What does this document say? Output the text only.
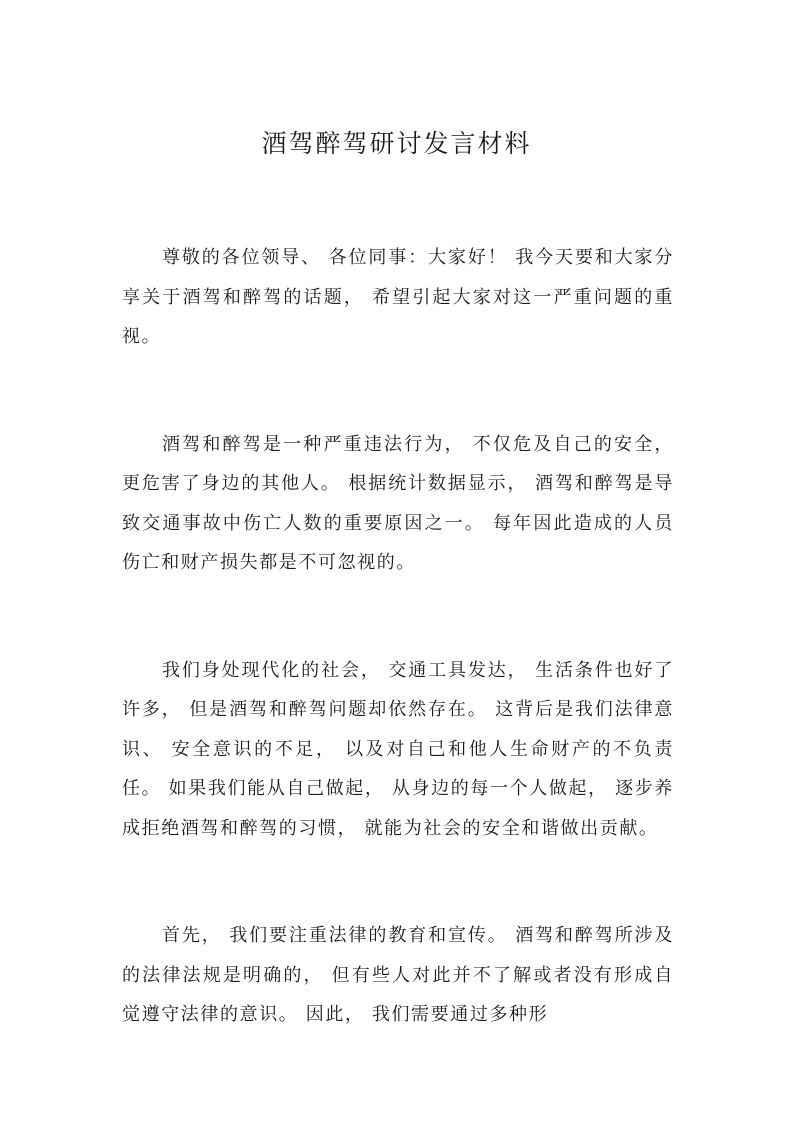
酒驾醉驾研讨发言材料

尊敬的各位领导、 各位同事：大家好！ 我今天要和大家分享关于酒驾和醉驾的话题， 希望引起大家对这一严重问题的重视。

酒驾和醉驾是一种严重违法行为， 不仅危及自己的安全， 更危害了身边的其他人。 根据统计数据显示， 酒驾和醉驾是导致交通事故中伤亡人数的重要原因之一。 每年因此造成的人员伤亡和财产损失都是不可忽视的。

我们身处现代化的社会， 交通工具发达， 生活条件也好了许多， 但是酒驾和醉驾问题却依然存在。 这背后是我们法律意识、 安全意识的不足， 以及对自己和他人生命财产的不负责任。 如果我们能从自己做起， 从身边的每一个人做起， 逐步养成拒绝酒驾和醉驾的习惯， 就能为社会的安全和谐做出贡献。

首先， 我们要注重法律的教育和宣传。 酒驾和醉驾所涉及的法律法规是明确的， 但有些人对此并不了解或者没有形成自觉遵守法律的意识。 因此， 我们需要通过多种形
